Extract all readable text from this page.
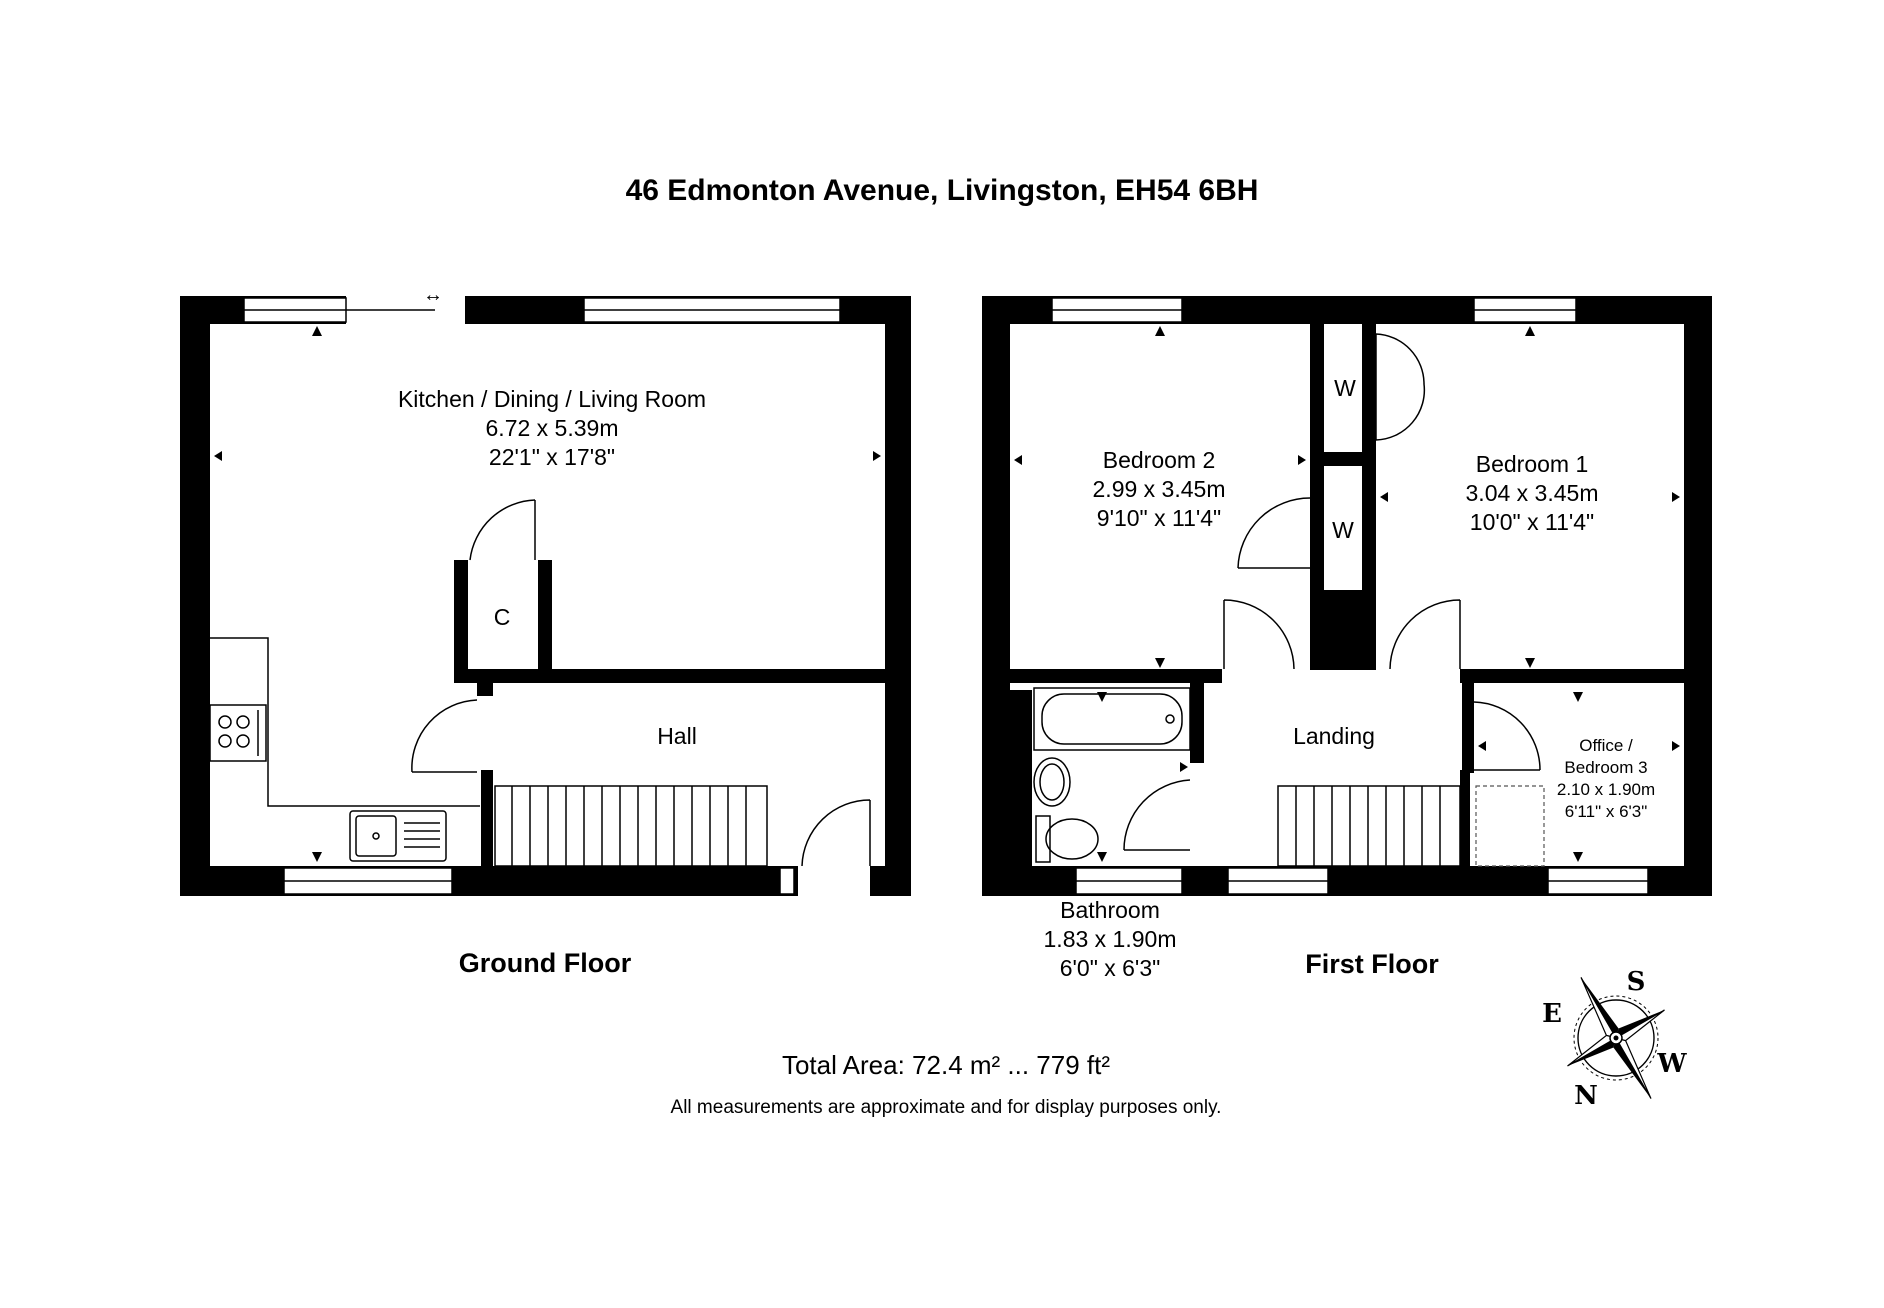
46 Edmonton Avenue, Livingston, EH54 6BH
↔
Kitchen / Dining / Living Room
6.72 x 5.39m
22'1" x 17'8"
C
Hall
Ground Floor
Bedroom 2
2.99 x 3.45m
9'10" x 11'4"
Bedroom 1
3.04 x 3.45m
10'0" x 11'4"
W
W
Landing	Office /
Bedroom 3
2.10 x 1.90m
6'11" x 6'3"
Bathroom
1.83 x 1.90m
6'0" x 6'3"	First Floor
Total Area: 72.4 m² ... 779 ft²
All measurements are approximate and for display purposes only.
S
E
W
N
